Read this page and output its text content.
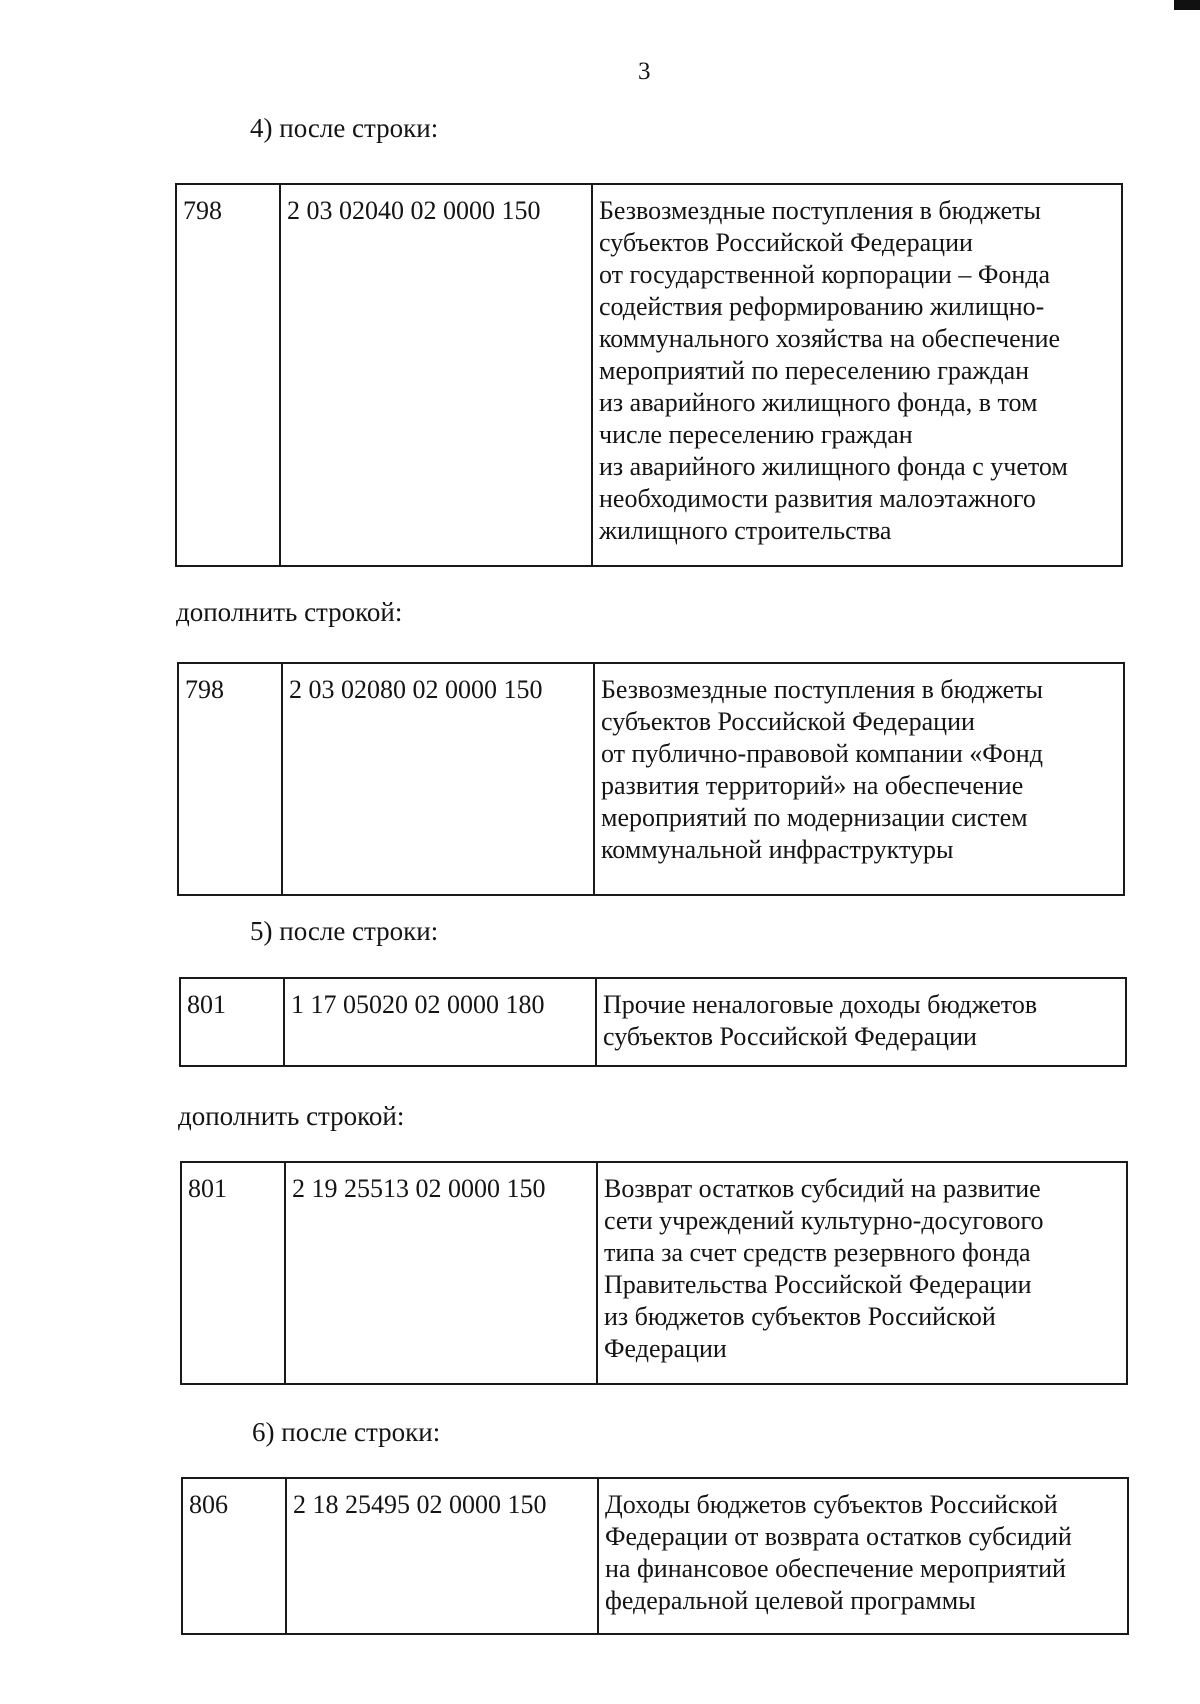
3
4) после строки:
798	2 03 02040 02 0000 150	Безвозмездные поступления в бюджеты
субъектов Российской Федерации
от государственной корпорации – Фонда
содействия реформированию жилищно-
коммунального хозяйства на обеспечение
мероприятий по переселению граждан
из аварийного жилищного фонда, в том
числе переселению граждан
из аварийного жилищного фонда с учетом
необходимости развития малоэтажного
жилищного строительства
дополнить строкой:
798	2 03 02080 02 0000 150	Безвозмездные поступления в бюджеты
субъектов Российской Федерации
от публично-правовой компании «Фонд
развития территорий» на обеспечение
мероприятий по модернизации систем
коммунальной инфраструктуры
5) после строки:
801	1 17 05020 02 0000 180	Прочие неналоговые доходы бюджетов
субъектов Российской Федерации
дополнить строкой:
801	2 19 25513 02 0000 150	Возврат остатков субсидий на развитие
сети учреждений культурно-досугового
типа за счет средств резервного фонда
Правительства Российской Федерации
из бюджетов субъектов Российской
Федерации
6) после строки:
806	2 18 25495 02 0000 150	Доходы бюджетов субъектов Российской
Федерации от возврата остатков субсидий
на финансовое обеспечение мероприятий
федеральной целевой программы
